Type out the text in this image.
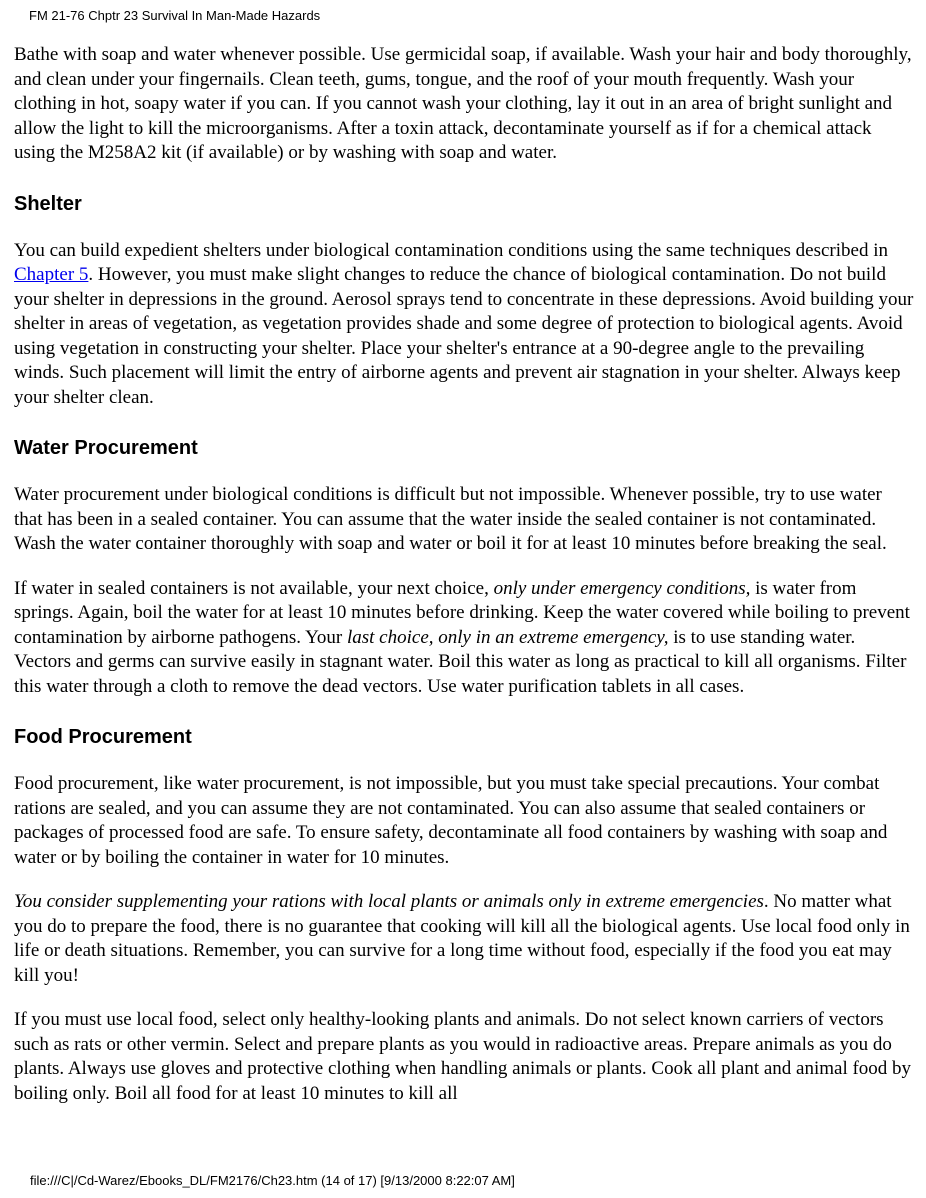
FM 21-76 Chptr 23 Survival In Man-Made Hazards

Bathe with soap and water whenever possible. Use germicidal soap, if available. Wash your hair and body thoroughly, and clean under your fingernails. Clean teeth, gums, tongue, and the roof of your mouth frequently. Wash your clothing in hot, soapy water if you can. If you cannot wash your clothing, lay it out in an area of bright sunlight and allow the light to kill the microorganisms. After a toxin attack, decontaminate yourself as if for a chemical attack using the M258A2 kit (if available) or by washing with soap and water.

Shelter

You can build expedient shelters under biological contamination conditions using the same techniques described in Chapter 5. However, you must make slight changes to reduce the chance of biological contamination. Do not build your shelter in depressions in the ground. Aerosol sprays tend to concentrate in these depressions. Avoid building your shelter in areas of vegetation, as vegetation provides shade and some degree of protection to biological agents. Avoid using vegetation in constructing your shelter. Place your shelter's entrance at a 90-degree angle to the prevailing winds. Such placement will limit the entry of airborne agents and prevent air stagnation in your shelter. Always keep your shelter clean.

Water Procurement

Water procurement under biological conditions is difficult but not impossible. Whenever possible, try to use water that has been in a sealed container. You can assume that the water inside the sealed container is not contaminated. Wash the water container thoroughly with soap and water or boil it for at least 10 minutes before breaking the seal.

If water in sealed containers is not available, your next choice, only under emergency conditions, is water from springs. Again, boil the water for at least 10 minutes before drinking. Keep the water covered while boiling to prevent contamination by airborne pathogens. Your last choice, only in an extreme emergency, is to use standing water. Vectors and germs can survive easily in stagnant water. Boil this water as long as practical to kill all organisms. Filter this water through a cloth to remove the dead vectors. Use water purification tablets in all cases.

Food Procurement

Food procurement, like water procurement, is not impossible, but you must take special precautions. Your combat rations are sealed, and you can assume they are not contaminated. You can also assume that sealed containers or packages of processed food are safe. To ensure safety, decontaminate all food containers by washing with soap and water or by boiling the container in water for 10 minutes.

You consider supplementing your rations with local plants or animals only in extreme emergencies. No matter what you do to prepare the food, there is no guarantee that cooking will kill all the biological agents. Use local food only in life or death situations. Remember, you can survive for a long time without food, especially if the food you eat may kill you!

If you must use local food, select only healthy-looking plants and animals. Do not select known carriers of vectors such as rats or other vermin. Select and prepare plants as you would in radioactive areas. Prepare animals as you do plants. Always use gloves and protective clothing when handling animals or plants. Cook all plant and animal food by boiling only. Boil all food for at least 10 minutes to kill all

file:///C|/Cd-Warez/Ebooks_DL/FM2176/Ch23.htm (14 of 17) [9/13/2000 8:22:07 AM]
